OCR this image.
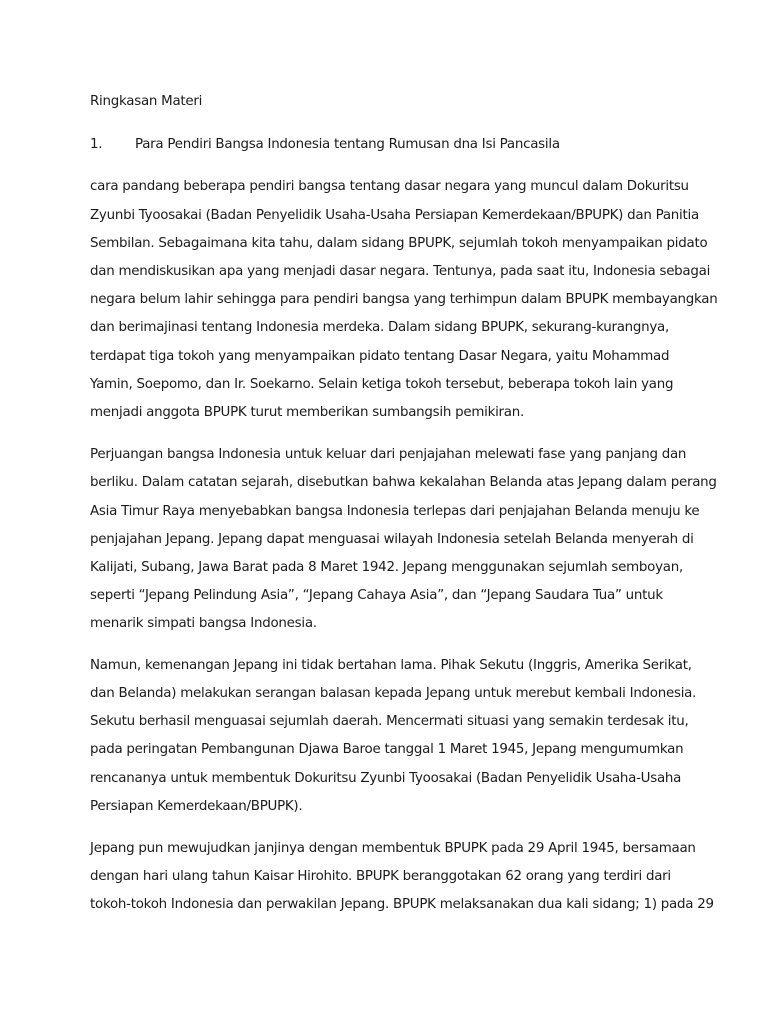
Ringkasan Materi
1. Para Pendiri Bangsa Indonesia tentang Rumusan dna Isi Pancasila
cara pandang beberapa pendiri bangsa tentang dasar negara yang muncul dalam Dokuritsu
Zyunbi Tyoosakai (Badan Penyelidik Usaha-Usaha Persiapan Kemerdekaan/BPUPK) dan Panitia
Sembilan. Sebagaimana kita tahu, dalam sidang BPUPK, sejumlah tokoh menyampaikan pidato
dan mendiskusikan apa yang menjadi dasar negara. Tentunya, pada saat itu, Indonesia sebagai
negara belum lahir sehingga para pendiri bangsa yang terhimpun dalam BPUPK membayangkan
dan berimajinasi tentang Indonesia merdeka. Dalam sidang BPUPK, sekurang-kurangnya,
terdapat tiga tokoh yang menyampaikan pidato tentang Dasar Negara, yaitu Mohammad
Yamin, Soepomo, dan Ir. Soekarno. Selain ketiga tokoh tersebut, beberapa tokoh lain yang
menjadi anggota BPUPK turut memberikan sumbangsih pemikiran.
Perjuangan bangsa Indonesia untuk keluar dari penjajahan melewati fase yang panjang dan
berliku. Dalam catatan sejarah, disebutkan bahwa kekalahan Belanda atas Jepang dalam perang
Asia Timur Raya menyebabkan bangsa Indonesia terlepas dari penjajahan Belanda menuju ke
penjajahan Jepang. Jepang dapat menguasai wilayah Indonesia setelah Belanda menyerah di
Kalijati, Subang, Jawa Barat pada 8 Maret 1942. Jepang menggunakan sejumlah semboyan,
seperti “Jepang Pelindung Asia”, “Jepang Cahaya Asia”, dan “Jepang Saudara Tua” untuk
menarik simpati bangsa Indonesia.
Namun, kemenangan Jepang ini tidak bertahan lama. Pihak Sekutu (Inggris, Amerika Serikat,
dan Belanda) melakukan serangan balasan kepada Jepang untuk merebut kembali Indonesia.
Sekutu berhasil menguasai sejumlah daerah. Mencermati situasi yang semakin terdesak itu,
pada peringatan Pembangunan Djawa Baroe tanggal 1 Maret 1945, Jepang mengumumkan
rencananya untuk membentuk Dokuritsu Zyunbi Tyoosakai (Badan Penyelidik Usaha-Usaha
Persiapan Kemerdekaan/BPUPK).
Jepang pun mewujudkan janjinya dengan membentuk BPUPK pada 29 April 1945, bersamaan
dengan hari ulang tahun Kaisar Hirohito. BPUPK beranggotakan 62 orang yang terdiri dari
tokoh-tokoh Indonesia dan perwakilan Jepang. BPUPK melaksanakan dua kali sidang; 1) pada 29
